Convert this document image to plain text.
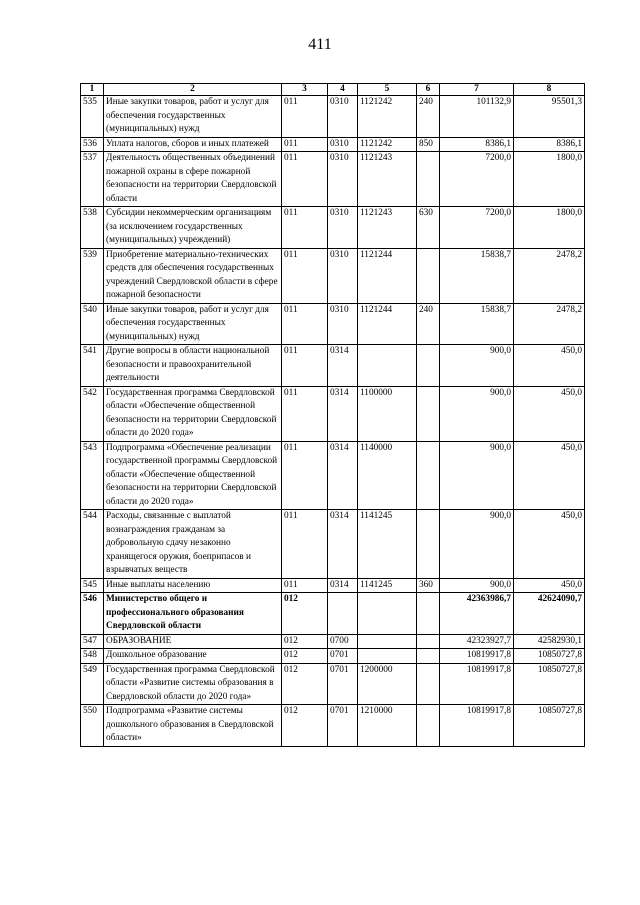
411
1	2	3	4	5	6	7	8
535	Иные закупки товаров, работ и услуг для обеспечения государственных (муниципальных) нужд	011	0310	1121242	240	101132,9	95501,3
536	Уплата налогов, сборов и иных платежей	011	0310	1121242	850	8386,1	8386,1
537	Деятельность общественных объединений пожарной охраны в сфере пожарной безопасности на территории Свердловской области	011	0310	1121243		7200,0	1800,0
538	Субсидии некоммерческим организациям (за исключением государственных (муниципальных) учреждений)	011	0310	1121243	630	7200,0	1800,0
539	Приобретение материально-технических средств для обеспечения государственных учреждений Свердловской области в сфере пожарной безопасности	011	0310	1121244		15838,7	2478,2
540	Иные закупки товаров, работ и услуг для обеспечения государственных (муниципальных) нужд	011	0310	1121244	240	15838,7	2478,2
541	Другие вопросы в области национальной безопасности и правоохранительной деятельности	011	0314			900,0	450,0
542	Государственная программа Свердловской области «Обеспечение общественной безопасности на территории Свердловской области до 2020 года»	011	0314	1100000		900,0	450,0
543	Подпрограмма «Обеспечение реализации государственной программы Свердловской области «Обеспечение общественной безопасности на территории Свердловской области до 2020 года»	011	0314	1140000		900,0	450,0
544	Расходы, связанные с выплатой вознаграждения гражданам за добровольную сдачу незаконно хранящегося оружия, боеприпасов и взрывчатых веществ	011	0314	1141245		900,0	450,0
545	Иные выплаты населению	011	0314	1141245	360	900,0	450,0
546	Министерство общего и профессионального образования Свердловской области	012				42363986,7	42624090,7
547	ОБРАЗОВАНИЕ	012	0700			42323927,7	42582930,1
548	Дошкольное образование	012	0701			10819917,8	10850727,8
549	Государственная программа Свердловской области «Развитие системы образования в Свердловской области до 2020 года»	012	0701	1200000		10819917,8	10850727,8
550	Подпрограмма «Развитие системы дошкольного образования в Свердловской области»	012	0701	1210000		10819917,8	10850727,8
